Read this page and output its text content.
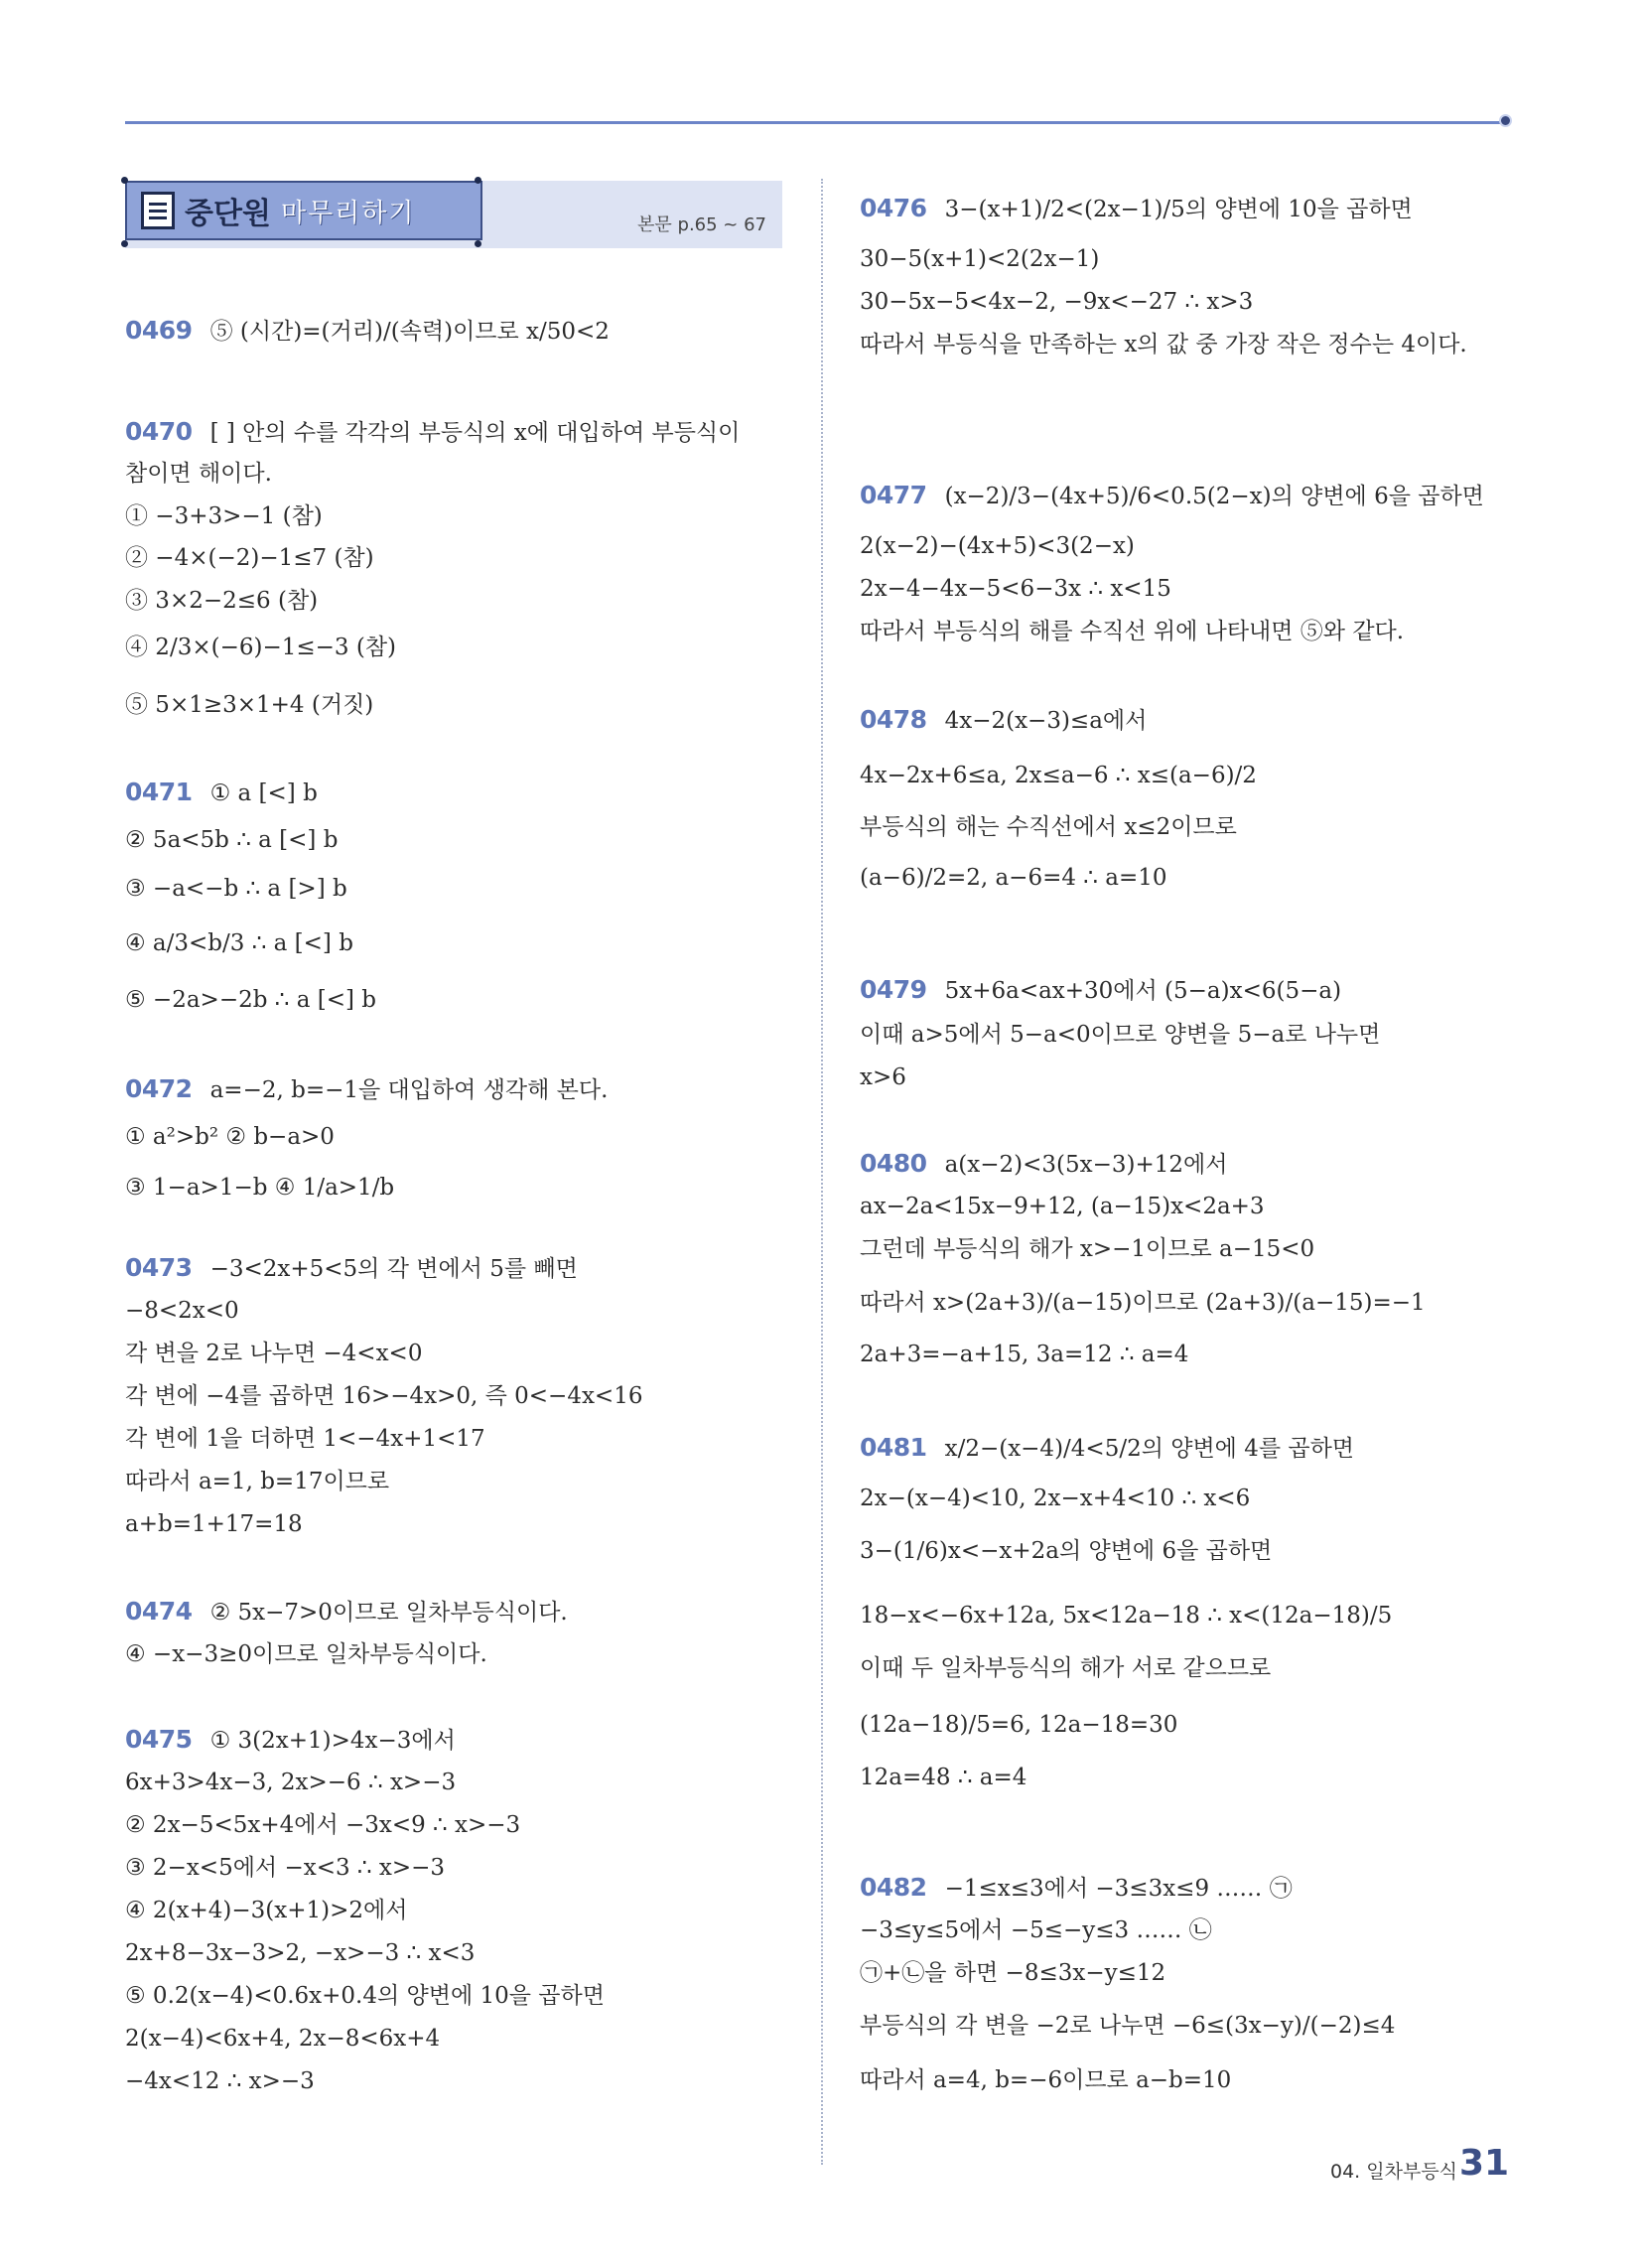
중단원 마무리하기	본문 p.65 ~ 67
0469 ⑤ (시간)=(거리)/(속력)이므로 x/50<2
0470 [ ] 안의 수를 각각의 부등식의 x에 대입하여 부등식이
참이면 해이다.
① −3+3>−1 (참)
② −4×(−2)−1≤7 (참)
③ 3×2−2≤6 (참)
④ 2/3×(−6)−1≤−3 (참)
⑤ 5×1≥3×1+4 (거짓)
0471 ① a [<] b
② 5a<5b ∴ a [<] b
③ −a<−b ∴ a [>] b
④ a/3<b/3 ∴ a [<] b
⑤ −2a>−2b ∴ a [<] b
0472 a=−2, b=−1을 대입하여 생각해 본다.
① a²>b² ② b−a>0
③ 1−a>1−b ④ 1/a>1/b
0473 −3<2x+5<5의 각 변에서 5를 빼면
−8<2x<0
각 변을 2로 나누면 −4<x<0
각 변에 −4를 곱하면 16>−4x>0, 즉 0<−4x<16
각 변에 1을 더하면 1<−4x+1<17
따라서 a=1, b=17이므로
a+b=1+17=18
0474 ② 5x−7>0이므로 일차부등식이다.
④ −x−3≥0이므로 일차부등식이다.
0475 ① 3(2x+1)>4x−3에서
6x+3>4x−3, 2x>−6 ∴ x>−3
② 2x−5<5x+4에서 −3x<9 ∴ x>−3
③ 2−x<5에서 −x<3 ∴ x>−3
④ 2(x+4)−3(x+1)>2에서
2x+8−3x−3>2, −x>−3 ∴ x<3
⑤ 0.2(x−4)<0.6x+0.4의 양변에 10을 곱하면
2(x−4)<6x+4, 2x−8<6x+4
−4x<12 ∴ x>−3
0476 3−(x+1)/2<(2x−1)/5의 양변에 10을 곱하면
30−5(x+1)<2(2x−1)
30−5x−5<4x−2, −9x<−27 ∴ x>3
따라서 부등식을 만족하는 x의 값 중 가장 작은 정수는 4이다.
0477 (x−2)/3−(4x+5)/6<0.5(2−x)의 양변에 6을 곱하면
2(x−2)−(4x+5)<3(2−x)
2x−4−4x−5<6−3x ∴ x<15
따라서 부등식의 해를 수직선 위에 나타내면 ⑤와 같다.
0478 4x−2(x−3)≤a에서
4x−2x+6≤a, 2x≤a−6 ∴ x≤(a−6)/2
부등식의 해는 수직선에서 x≤2이므로
(a−6)/2=2, a−6=4 ∴ a=10
0479 5x+6a<ax+30에서 (5−a)x<6(5−a)
이때 a>5에서 5−a<0이므로 양변을 5−a로 나누면
x>6
0480 a(x−2)<3(5x−3)+12에서
ax−2a<15x−9+12, (a−15)x<2a+3
그런데 부등식의 해가 x>−1이므로 a−15<0
따라서 x>(2a+3)/(a−15)이므로 (2a+3)/(a−15)=−1
2a+3=−a+15, 3a=12 ∴ a=4
0481 x/2−(x−4)/4<5/2의 양변에 4를 곱하면
2x−(x−4)<10, 2x−x+4<10 ∴ x<6
3−(1/6)x<−x+2a의 양변에 6을 곱하면
18−x<−6x+12a, 5x<12a−18 ∴ x<(12a−18)/5
이때 두 일차부등식의 해가 서로 같으므로
(12a−18)/5=6, 12a−18=30
12a=48 ∴ a=4
0482 −1≤x≤3에서 −3≤3x≤9 …… ㉠
−3≤y≤5에서 −5≤−y≤3 …… ㉡
㉠+㉡을 하면 −8≤3x−y≤12
부등식의 각 변을 −2로 나누면 −6≤(3x−y)/(−2)≤4
따라서 a=4, b=−6이므로 a−b=10
04. 일차부등식 31
